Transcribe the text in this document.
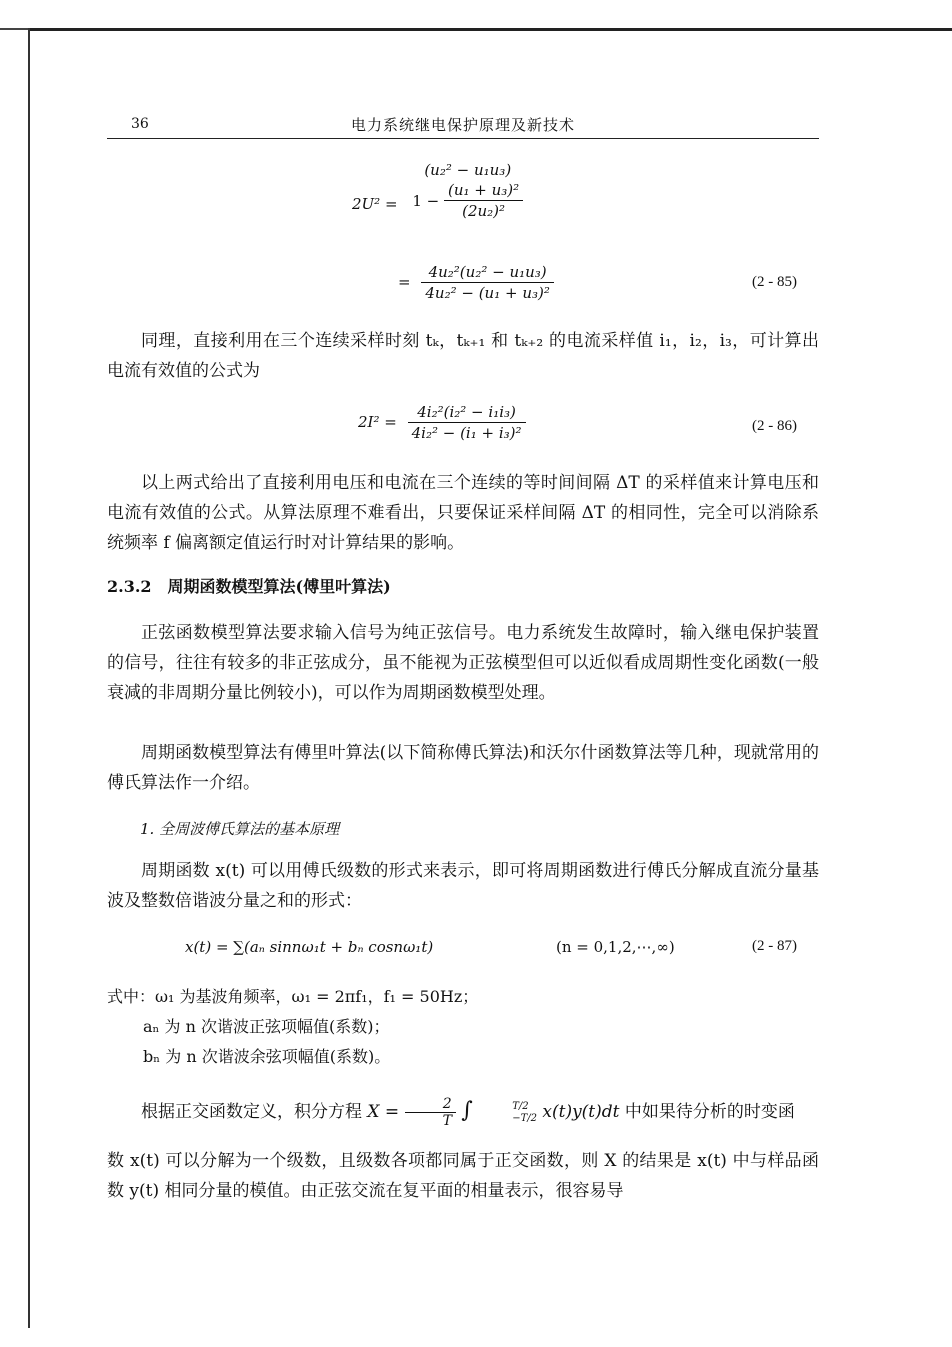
36	电力系统继电保护原理及新技术
2U² =
(u₂² − u₁u₃)
$1 - \frac{\text{(u₁ + u₃)²}}{\text{(2u₂)²}}$
= $\frac{\text{4u₂²(u₂² − u₁u₃)}}{\text{4u₂² − (u₁ + u₃)²}}$	(2 - 85)
同理，直接利用在三个连续采样时刻 tₖ，tₖ₊₁ 和 tₖ₊₂ 的电流采样值 i₁，i₂，i₃，可计算出电流有效值的公式为
$2I^2 = \frac{\text{4i₂²(i₂² − i₁i₃)}}{\text{4i₂² − (i₁ + i₃)²}}$	(2 - 86)
以上两式给出了直接利用电压和电流在三个连续的等时间间隔 ΔT 的采样值来计算电压和电流有效值的公式。从算法原理不难看出，只要保证采样间隔 ΔT 的相同性，完全可以消除系统频率 f 偏离额定值运行时对计算结果的影响。
2.3.2　周期函数模型算法(傅里叶算法)
正弦函数模型算法要求输入信号为纯正弦信号。电力系统发生故障时，输入继电保护装置的信号，往往有较多的非正弦成分，虽不能视为正弦模型但可以近似看成周期性变化函数(一般衰减的非周期分量比例较小)，可以作为周期函数模型处理。
周期函数模型算法有傅里叶算法(以下简称傅氏算法)和沃尔什函数算法等几种，现就常用的傅氏算法作一介绍。
1. 全周波傅氏算法的基本原理
周期函数 x(t) 可以用傅氏级数的形式来表示，即可将周期函数进行傅氏分解成直流分量基波及整数倍谐波分量之和的形式：
x(t) = ∑(aₙ sinnω₁t + bₙ cosnω₁t)	(n = 0,1,2,⋯,∞)	(2 - 87)
式中：ω₁ 为基波角频率，ω₁ = 2πf₁，f₁ = 50Hz；
aₙ 为 n 次谐波正弦项幅值(系数)；
bₙ 为 n 次谐波余弦项幅值(系数)。
根据正交函数定义，积分方程 $X = \frac{2}{T}$ ∫	T/2
−T/2 x(t)y(t)dt 中如果待分析的时变函
数 x(t) 可以分解为一个级数，且级数各项都同属于正交函数，则 X 的结果是 x(t) 中与样品函数 y(t) 相同分量的模值。由正弦交流在复平面的相量表示，很容易导
